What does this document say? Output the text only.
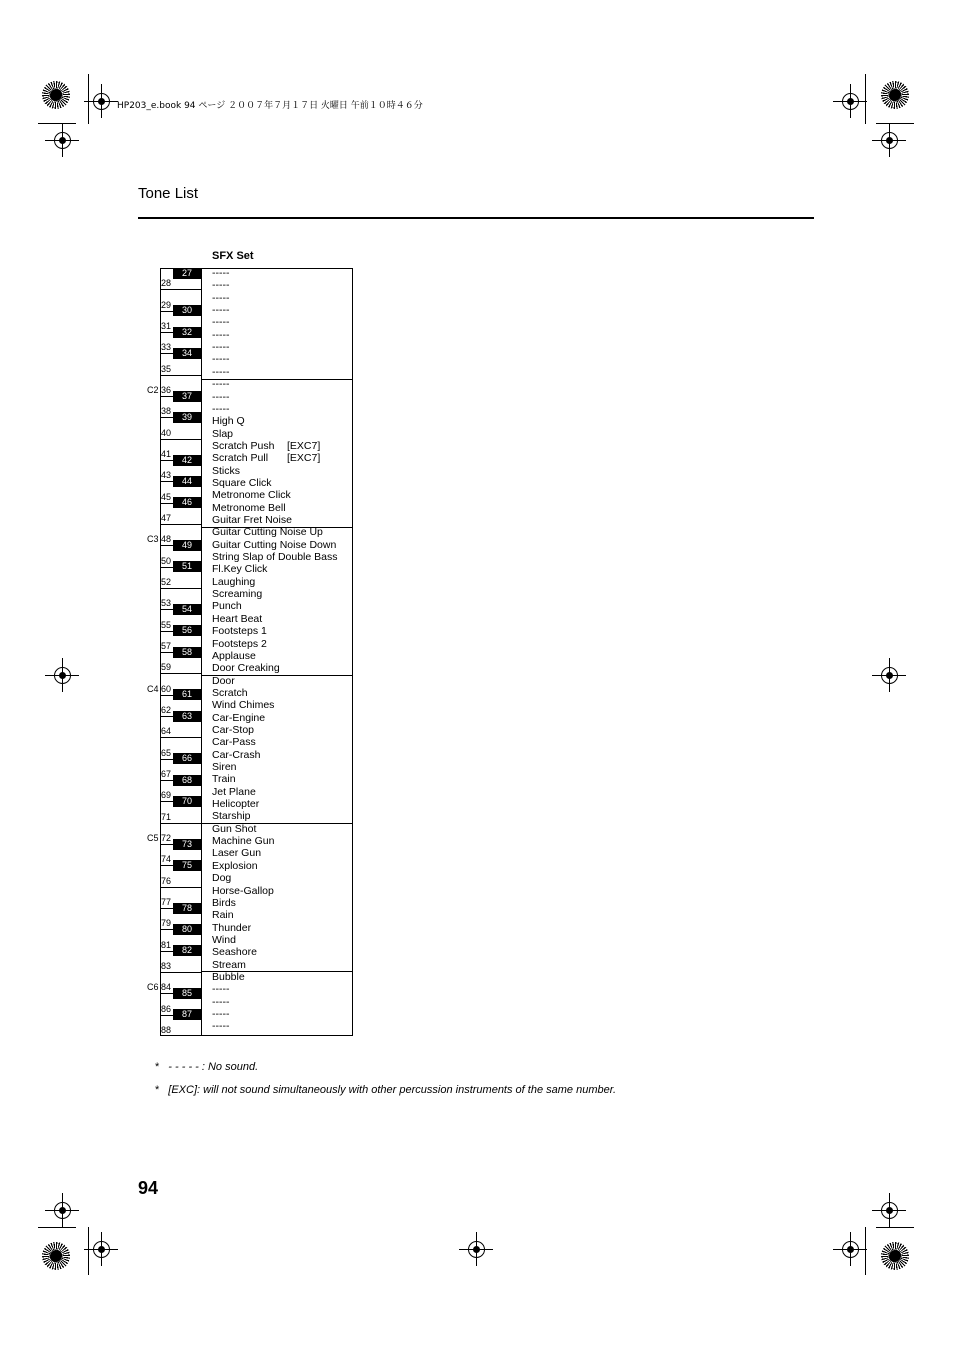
HP203_e.book 94 ページ ２００７年７月１７日 火曜日 午前１０時４６分
Tone List
SFX Set
28
29
31
33
35
36
38
40
41
43
45
47
48
50
52
53
55
57
59
60
62
64
65
67
69
71
72
74
76
77
79
81
83
84
86
88
27
30
32
34
37
39
42
44
46
49
51
54
56
58
61
63
66
68
70
73
75
78
80
82
85
87
C2
C3
C4
C5
C6
-----
-----
-----
-----
-----
-----
-----
-----
-----
-----
-----
-----
High Q
Slap
Scratch Push [EXC7]
Scratch Pull [EXC7]
Sticks
Square Click
Metronome Click
Metronome Bell
Guitar Fret Noise
Guitar Cutting Noise Up
Guitar Cutting Noise Down
String Slap of Double Bass
Fl.Key Click
Laughing
Screaming
Punch
Heart Beat
Footsteps 1
Footsteps 2
Applause
Door Creaking
Door
Scratch
Wind Chimes
Car-Engine
Car-Stop
Car-Pass
Car-Crash
Siren
Train
Jet Plane
Helicopter
Starship
Gun Shot
Machine Gun
Laser Gun
Explosion
Dog
Horse-Gallop
Birds
Rain
Thunder
Wind
Seashore
Stream
Bubble
-----
-----
-----
-----
* - - - - - : No sound.
* [EXC]: will not sound simultaneously with other percussion instruments of the same number.
94
